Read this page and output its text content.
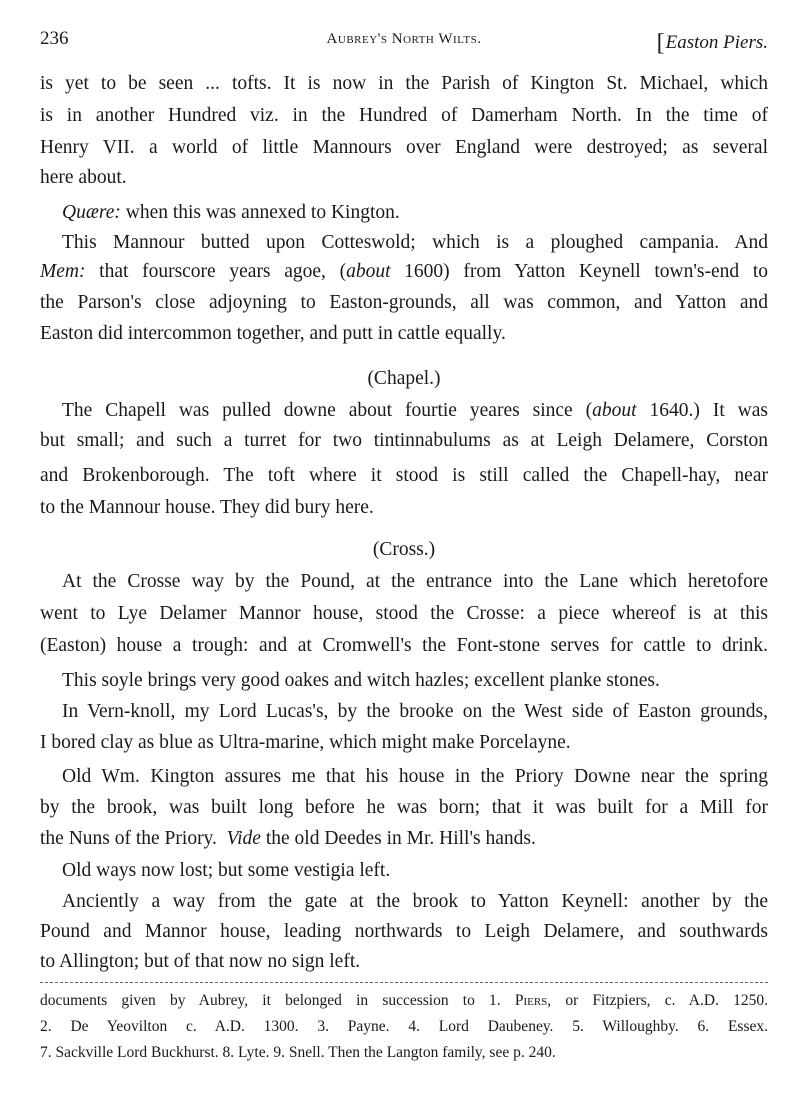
236	Aubrey's North Wilts.	[Easton Piers.
is yet to be seen ... tofts. It is now in the Parish of Kington St. Michael, which
is in another Hundred viz. in the Hundred of Damerham North. In the time of
Henry VII. a world of little Mannours over England were destroyed; as several
here about.
Quære: when this was annexed to Kington.
This Mannour butted upon Cotteswold; which is a ploughed campania. And
Mem: that fourscore years agoe, (about 1600) from Yatton Keynell town's-end to
the Parson's close adjoyning to Easton-grounds, all was common, and Yatton and
Easton did intercommon together, and putt in cattle equally.
(Chapel.)
The Chapell was pulled downe about fourtie yeares since (about 1640.) It was
but small; and such a turret for two tintinnabulums as at Leigh Delamere, Corston
and Brokenborough. The toft where it stood is still called the Chapell-hay, near
to the Mannour house. They did bury here.
(Cross.)
At the Crosse way by the Pound, at the entrance into the Lane which heretofore
went to Lye Delamer Mannor house, stood the Crosse: a piece whereof is at this
(Easton) house a trough: and at Cromwell's the Font-stone serves for cattle to drink.
This soyle brings very good oakes and witch hazles; excellent planke stones.
In Vern-knoll, my Lord Lucas's, by the brooke on the West side of Easton grounds,
I bored clay as blue as Ultra-marine, which might make Porcelayne.
Old Wm. Kington assures me that his house in the Priory Downe near the spring
by the brook, was built long before he was born; that it was built for a Mill for
the Nuns of the Priory.  Vide the old Deedes in Mr. Hill's hands.
Old ways now lost; but some vestigia left.
Anciently a way from the gate at the brook to Yatton Keynell: another by the
Pound and Mannor house, leading northwards to Leigh Delamere, and southwards
to Allington; but of that now no sign left.
documents given by Aubrey, it belonged in succession to 1. Piers, or Fitzpiers, c. A.D. 1250.
2. De Yeovilton c. A.D. 1300. 3. Payne. 4. Lord Daubeney. 5. Willoughby. 6. Essex.
7. Sackville Lord Buckhurst. 8. Lyte. 9. Snell. Then the Langton family, see p. 240.
